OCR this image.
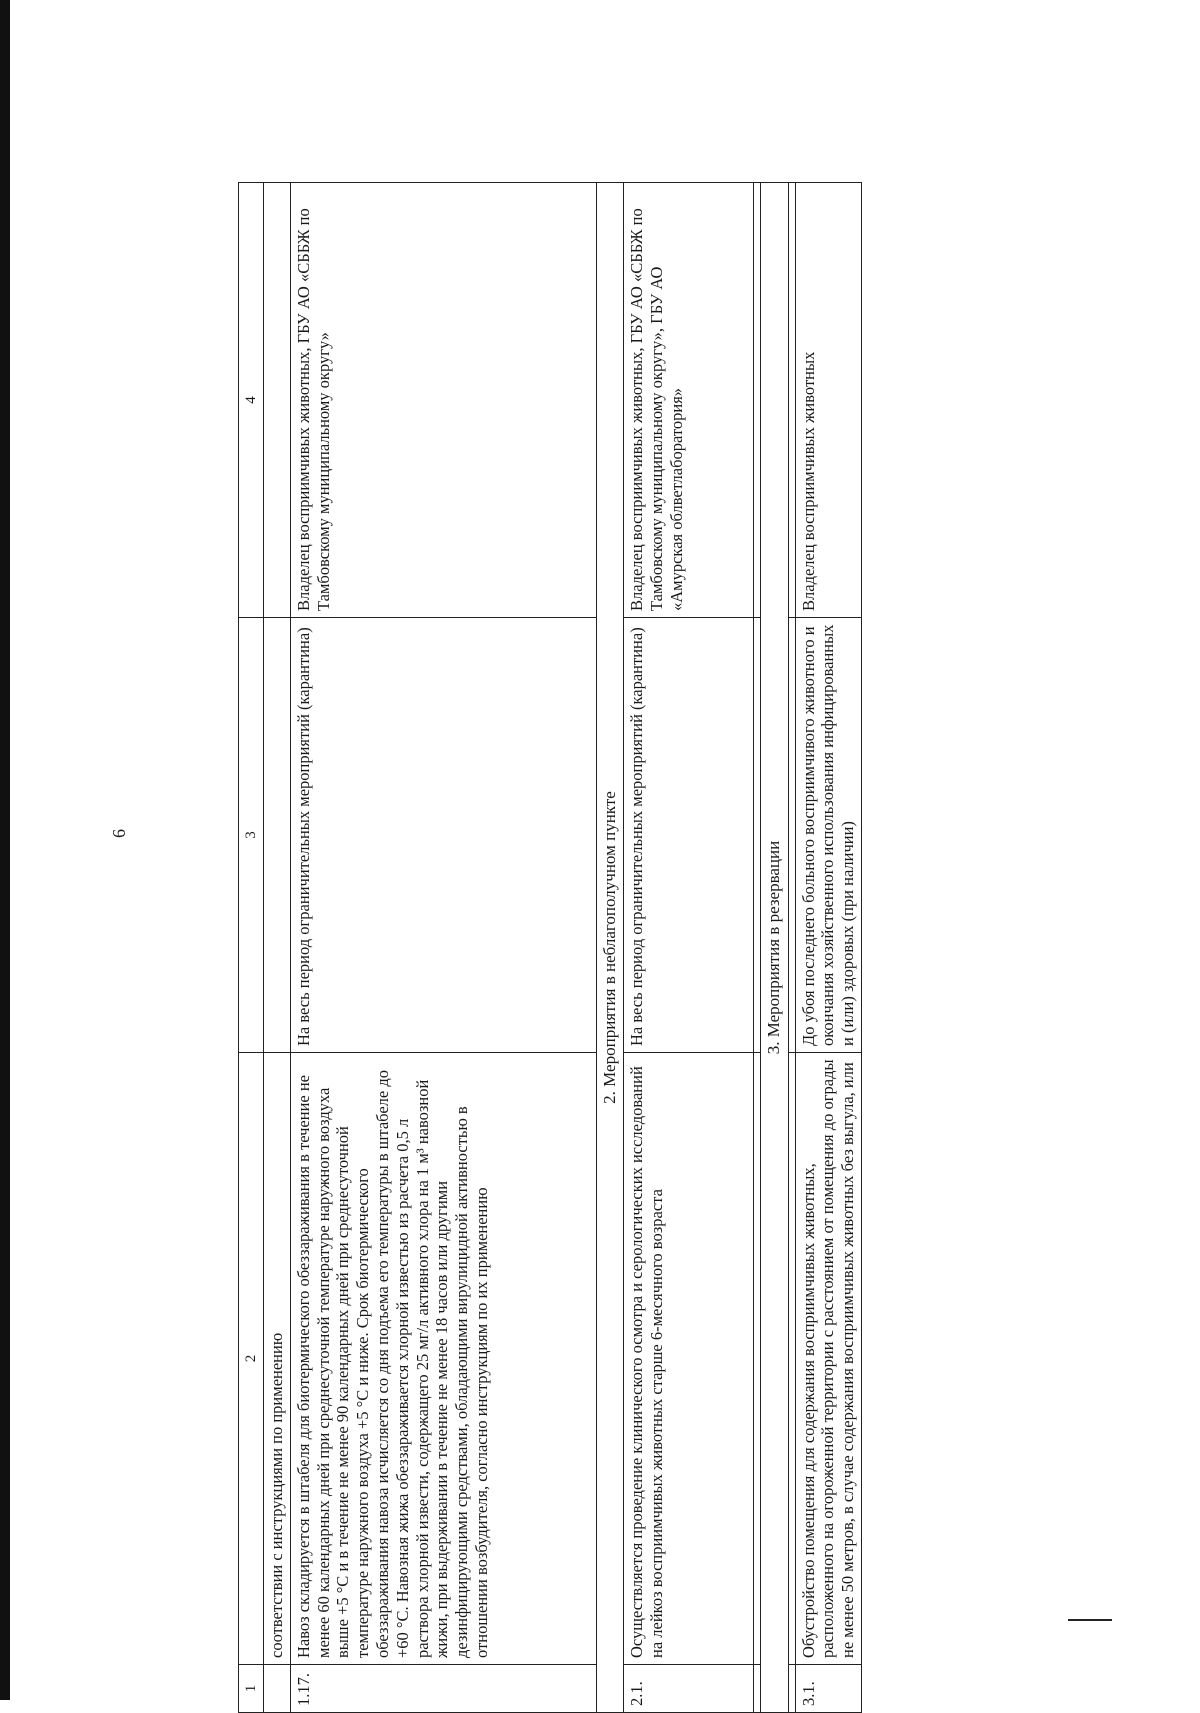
6
1	2	3	4
	соответствии с инструкциями по применению		
1.17.	Навоз складируется в штабеля для биотермического обеззараживания в течение не менее 60 календарных дней при среднесуточной температуре наружного воздуха выше +5 °С и в течение не менее 90 календарных дней при среднесуточной температуре наружного воздуха +5 °С и ниже. Срок биотермического обеззараживания навоза исчисляется со дня подъема его температуры в штабеле до +60 °С. Навозная жижа обеззараживается хлорной известью из расчета 0,5 л раствора хлорной извести, содержащего 25 мг/л активного хлора на 1 м³ навозной жижи, при выдерживании в течение не менее 18 часов или другими дезинфицирующими средствами, обладающими вирулицидной активностью в отношении возбудителя, согласно инструкциям по их применению	На весь период ограничительных мероприятий (карантина)	Владелец восприимчивых животных, ГБУ АО «СББЖ по Тамбовскому муниципальному округу»
2. Мероприятия в неблагополучном пункте			
2.1.	Осуществляется проведение клинического осмотра и серологических исследований на лейкоз восприимчивых животных старше 6-месячного возраста	На весь период ограничительных мероприятий (карантина)	Владелец восприимчивых животных, ГБУ АО «СББЖ по Тамбовскому муниципальному округу», ГБУ АО «Амурская облветлаборатория»

3. Мероприятия в резервации			

3.1.	Обустройство помещения для содержания восприимчивых животных, расположенного на огороженной территории с расстоянием от помещения до ограды не менее 50 метров, в случае содержания восприимчивых животных без выгула, или	До убоя последнего больного восприимчивого животного и окончания хозяйственного использования инфицированных и (или) здоровых (при наличии)	Владелец восприимчивых животных
